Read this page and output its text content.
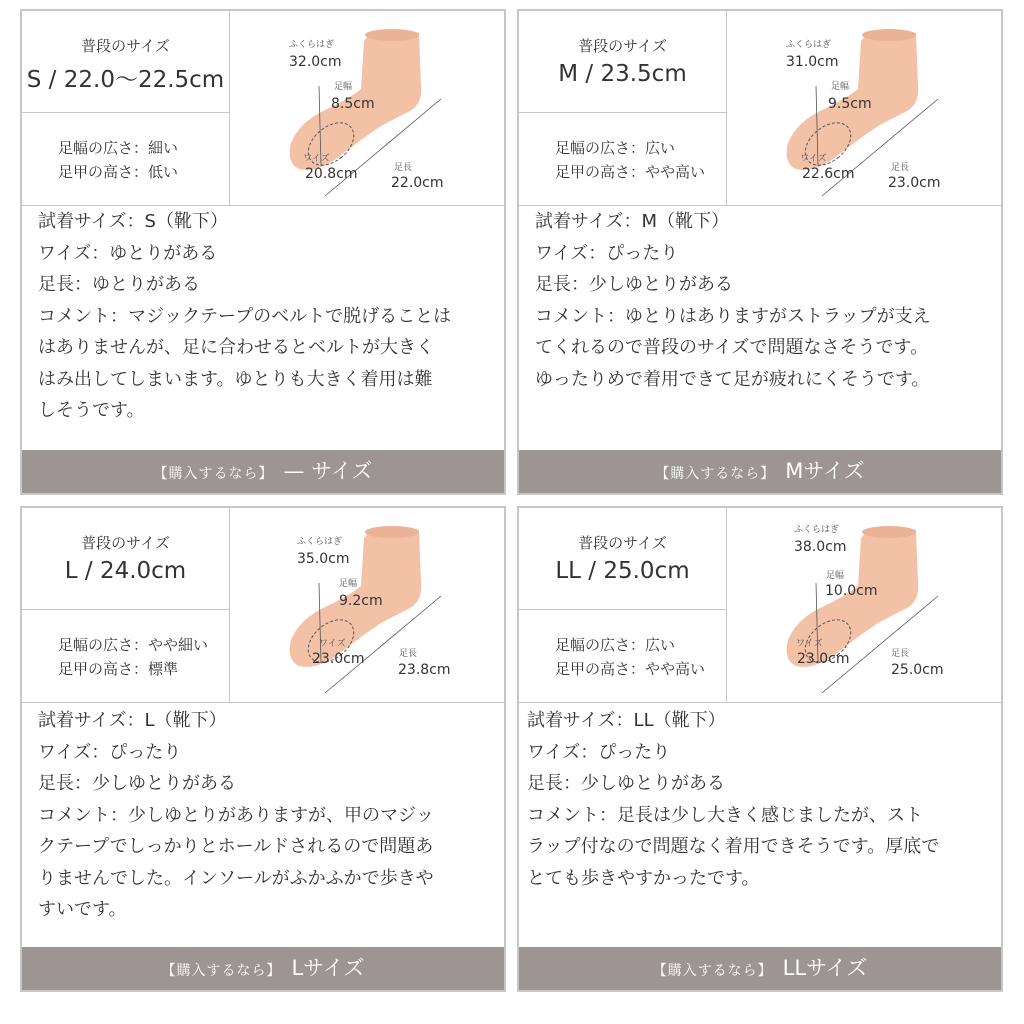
普段のサイズ
S / 22.0〜22.5cm
足幅の広さ：細い
足甲の高さ：低い
ふくらはぎ
32.0cm
足幅
8.5cm
ワイズ
20.8cm	足長
22.0cm
試着サイズ：S（靴下）
ワイズ：ゆとりがある
足長：ゆとりがある
コメント：マジックテープのベルトで脱げることは
はありませんが、足に合わせるとベルトが大きく
はみ出してしまいます。ゆとりも大きく着用は難
しそうです。
【購入するなら】 — サイズ
普段のサイズ
M / 23.5cm
足幅の広さ：広い
足甲の高さ：やや高い
ふくらはぎ
31.0cm
足幅
9.5cm
ワイズ
22.6cm	足長
23.0cm
試着サイズ：M（靴下）
ワイズ：ぴったり
足長：少しゆとりがある
コメント：ゆとりはありますがストラップが支え
てくれるので普段のサイズで問題なさそうです。
ゆったりめで着用できて足が疲れにくそうです。
【購入するなら】 Mサイズ
普段のサイズ
L / 24.0cm
足幅の広さ：やや細い
足甲の高さ：標準
ふくらはぎ
35.0cm
足幅
9.2cm
ワイズ
23.0cm	足長
23.8cm
試着サイズ：L（靴下）
ワイズ：ぴったり
足長：少しゆとりがある
コメント：少しゆとりがありますが、甲のマジッ
クテープでしっかりとホールドされるので問題あ
りませんでした。インソールがふかふかで歩きや
すいです。
【購入するなら】 Lサイズ
普段のサイズ
LL / 25.0cm
足幅の広さ：広い
足甲の高さ：やや高い
ふくらはぎ
38.0cm
足幅
10.0cm
ワイズ
23.0cm	足長
25.0cm
試着サイズ：LL（靴下）
ワイズ：ぴったり
足長：少しゆとりがある
コメント：足長は少し大きく感じましたが、スト
ラップ付なので問題なく着用できそうです。厚底で
とても歩きやすかったです。
【購入するなら】 LLサイズ
